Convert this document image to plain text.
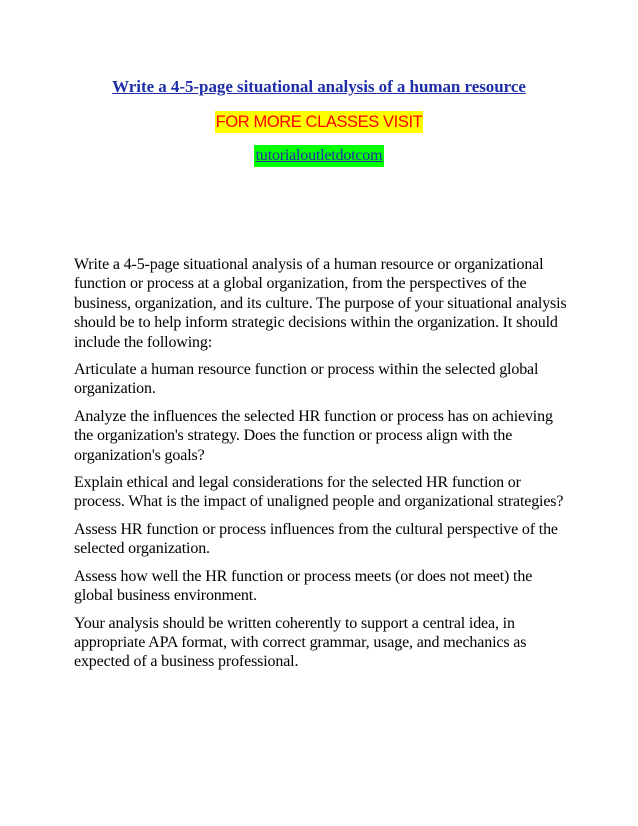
Write a 4-5-page situational analysis of a human resource
FOR MORE CLASSES VISIT
tutorialoutletdotcom

Write a 4-5-page situational analysis of a human resource or organizational function or process at a global organization, from the perspectives of the business, organization, and its culture. The purpose of your situational analysis should be to help inform strategic decisions within the organization. It should include the following:

Articulate a human resource function or process within the selected global organization.

Analyze the influences the selected HR function or process has on achieving the organization's strategy. Does the function or process align with the organization's goals?

Explain ethical and legal considerations for the selected HR function or process. What is the impact of unaligned people and organizational strategies?

Assess HR function or process influences from the cultural perspective of the selected organization.

Assess how well the HR function or process meets (or does not meet) the global business environment.

Your analysis should be written coherently to support a central idea, in appropriate APA format, with correct grammar, usage, and mechanics as expected of a business professional.
